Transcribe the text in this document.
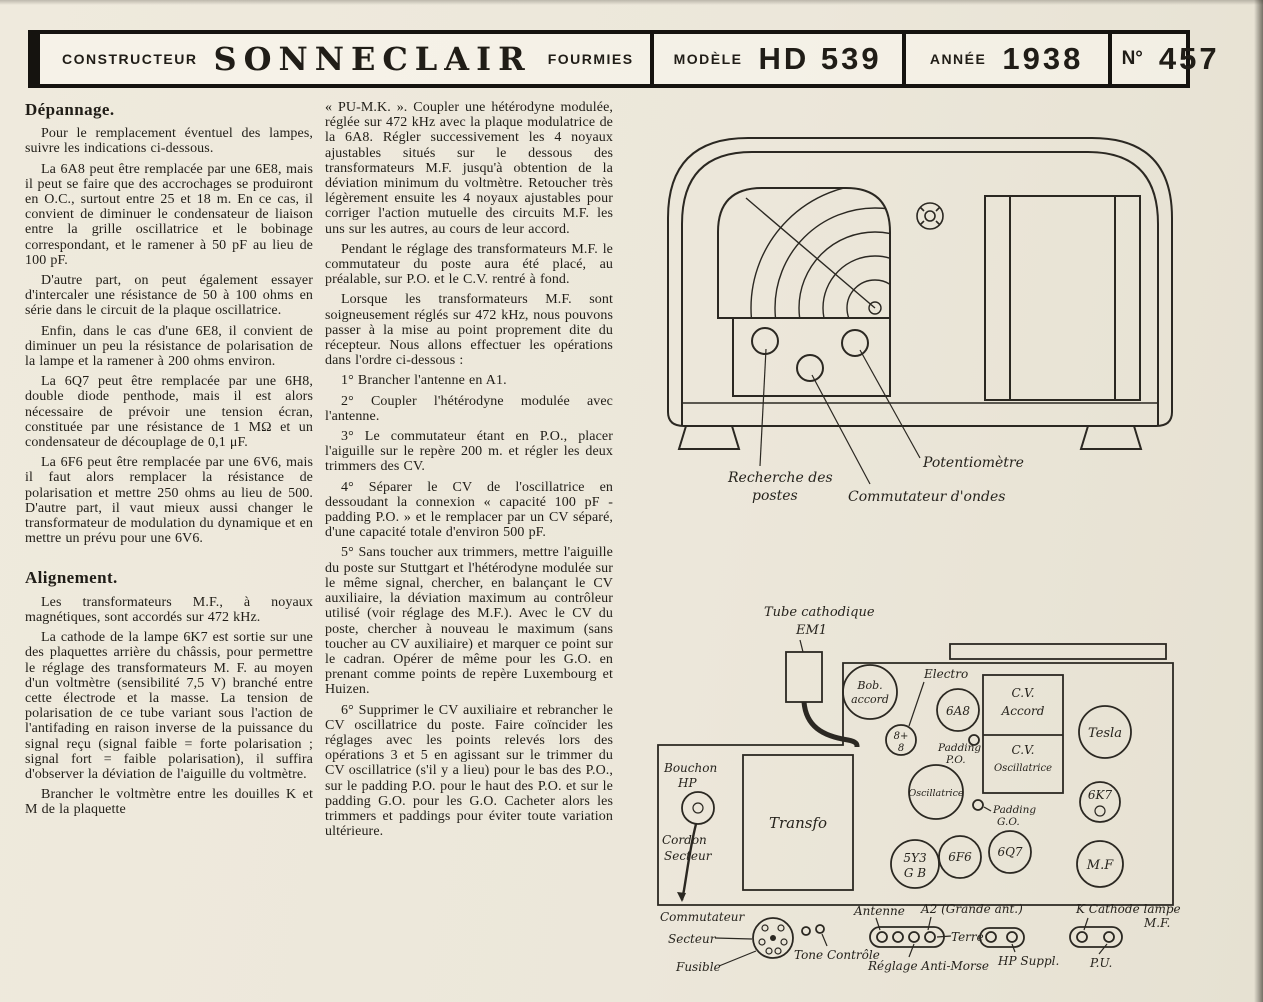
CONSTRUCTEUR SONNECLAIR FOURMIES	MODÈLE HD 539	ANNÉE 1938 N° 457
Dépannage.

Pour le remplacement éventuel des lampes, suivre les indications ci-dessous.

La 6A8 peut être remplacée par une 6E8, mais il peut se faire que des accrochages se produiront en O.C., surtout entre 25 et 18 m. En ce cas, il convient de diminuer le condensateur de liaison entre la grille oscillatrice et le bobinage correspondant, et le ramener à 50 pF au lieu de 100 pF.

D'autre part, on peut également essayer d'intercaler une résistance de 50 à 100 ohms en série dans le circuit de la plaque oscillatrice.

Enfin, dans le cas d'une 6E8, il convient de diminuer un peu la résistance de polarisation de la lampe et la ramener à 200 ohms environ.

La 6Q7 peut être remplacée par une 6H8, double diode penthode, mais il est alors nécessaire de prévoir une tension écran, constituée par une résistance de 1 MΩ et un condensateur de découplage de 0,1 μF.

La 6F6 peut être remplacée par une 6V6, mais il faut alors remplacer la résistance de polarisation et mettre 250 ohms au lieu de 500. D'autre part, il vaut mieux aussi changer le transformateur de modulation du dynamique et en mettre un prévu pour une 6V6.

Alignement.

Les transformateurs M.F., à noyaux magnétiques, sont accordés sur 472 kHz.

La cathode de la lampe 6K7 est sortie sur une des plaquettes arrière du châssis, pour permettre le réglage des transformateurs M. F. au moyen d'un voltmètre (sensibilité 7,5 V) branché entre cette électrode et la masse. La tension de polarisation de ce tube variant sous l'action de l'antifading en raison inverse de la puissance du signal reçu (signal faible = forte polarisation ; signal fort = faible polarisation), il suffira d'observer la déviation de l'aiguille du voltmètre.

Brancher le voltmètre entre les douilles K et M de la plaquette

« PU-M.K. ». Coupler une hétérodyne modulée, réglée sur 472 kHz avec la plaque modulatrice de la 6A8. Régler successivement les 4 noyaux ajustables situés sur le dessous des transformateurs M.F. jusqu'à obtention de la déviation minimum du voltmètre. Retoucher très légèrement ensuite les 4 noyaux ajustables pour corriger l'action mutuelle des circuits M.F. les uns sur les autres, au cours de leur accord.

Pendant le réglage des transformateurs M.F. le commutateur du poste aura été placé, au préalable, sur P.O. et le C.V. rentré à fond.

Lorsque les transformateurs M.F. sont soigneusement réglés sur 472 kHz, nous pouvons passer à la mise au point proprement dite du récepteur. Nous allons effectuer les opérations dans l'ordre ci-dessous :

1° Brancher l'antenne en A1.

2° Coupler l'hétérodyne modulée avec l'antenne.

3° Le commutateur étant en P.O., placer l'aiguille sur le repère 200 m. et régler les deux trimmers des CV.

4° Séparer le CV de l'oscillatrice en dessoudant la connexion « capacité 100 pF - padding P.O. » et le remplacer par un CV séparé, d'une capacité totale d'environ 500 pF.

5° Sans toucher aux trimmers, mettre l'aiguille du poste sur Stuttgart et l'hétérodyne modulée sur le même signal, chercher, en balançant le CV auxiliaire, la déviation maximum au contrôleur utilisé (voir réglage des M.F.). Avec le CV du poste, chercher à nouveau le maximum (sans toucher au CV auxiliaire) et marquer ce point sur le cadran. Opérer de même pour les G.O. en prenant comme points de repère Luxembourg et Huizen.

6° Supprimer le CV auxiliaire et rebrancher le CV oscillatrice du poste. Faire coïncider les réglages avec les points relevés lors des opérations 3 et 5 en agissant sur le trimmer du CV oscillatrice (s'il y a lieu) pour le bas des P.O., sur le padding P.O. pour le haut des P.O. et sur le padding G.O. pour les G.O. Cacheter alors les trimmers et paddings pour éviter toute variation ultérieure.

Recherche des
postes	Commutateur d'ondes
Potentiomètre
Tube cathodique
EM1
Bob.
accord
Electro
8+
8
6A8
C.V.
Accord
C.V.
Oscillatrice
Tesla
Padding
P.O.
Oscillatrice
Padding
G.O.
Bouchon
HP
Cordon
Secteur
Transfo
5Y3
G B
6F6 6Q7
6K7
M.F
Commutateur
Secteur
Fusible
Tone Contrôle
Antenne A2 (Grande ant.)
Terre
Réglage Anti-Morse HP Suppl.
K Cathode lampe
M.F.
P.U.
